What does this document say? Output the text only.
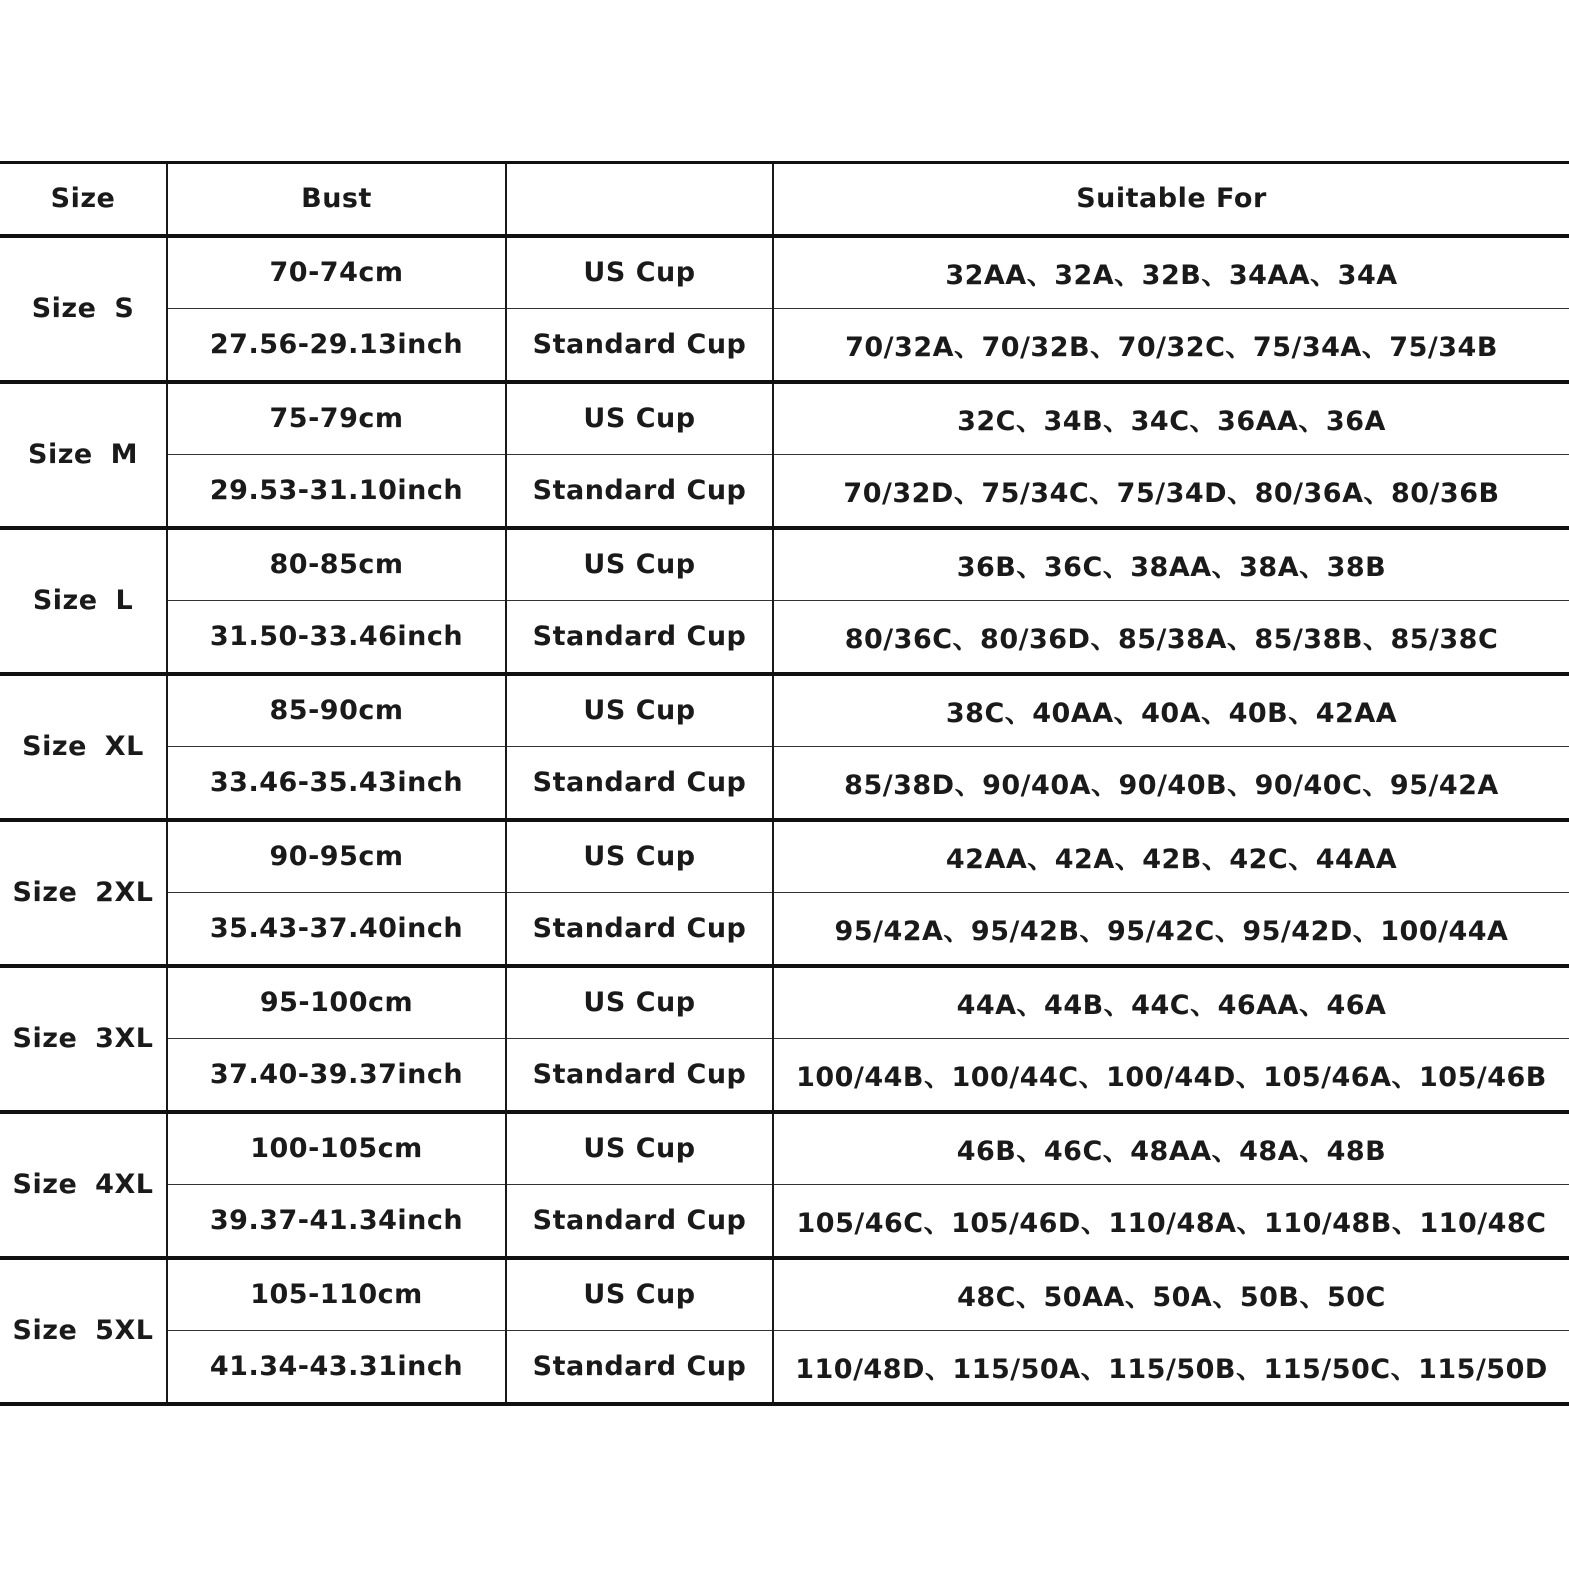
Size	Bust		Suitable For
Size S	70-74cm	US Cup	32AA、32A、32B、34AA、34A
	27.56-29.13inch	Standard Cup	70/32A、70/32B、70/32C、75/34A、75/34B
Size M	75-79cm	US Cup	32C、34B、34C、36AA、36A
	29.53-31.10inch	Standard Cup	70/32D、75/34C、75/34D、80/36A、80/36B
Size L	80-85cm	US Cup	36B、36C、38AA、38A、38B
	31.50-33.46inch	Standard Cup	80/36C、80/36D、85/38A、85/38B、85/38C
Size XL	85-90cm	US Cup	38C、40AA、40A、40B、42AA
	33.46-35.43inch	Standard Cup	85/38D、90/40A、90/40B、90/40C、95/42A
Size 2XL	90-95cm	US Cup	42AA、42A、42B、42C、44AA
	35.43-37.40inch	Standard Cup	95/42A、95/42B、95/42C、95/42D、100/44A
Size 3XL	95-100cm	US Cup	44A、44B、44C、46AA、46A
	37.40-39.37inch	Standard Cup	100/44B、100/44C、100/44D、105/46A、105/46B
Size 4XL	100-105cm	US Cup	46B、46C、48AA、48A、48B
	39.37-41.34inch	Standard Cup	105/46C、105/46D、110/48A、110/48B、110/48C
Size 5XL	105-110cm	US Cup	48C、50AA、50A、50B、50C
	41.34-43.31inch	Standard Cup	110/48D、115/50A、115/50B、115/50C、115/50D
